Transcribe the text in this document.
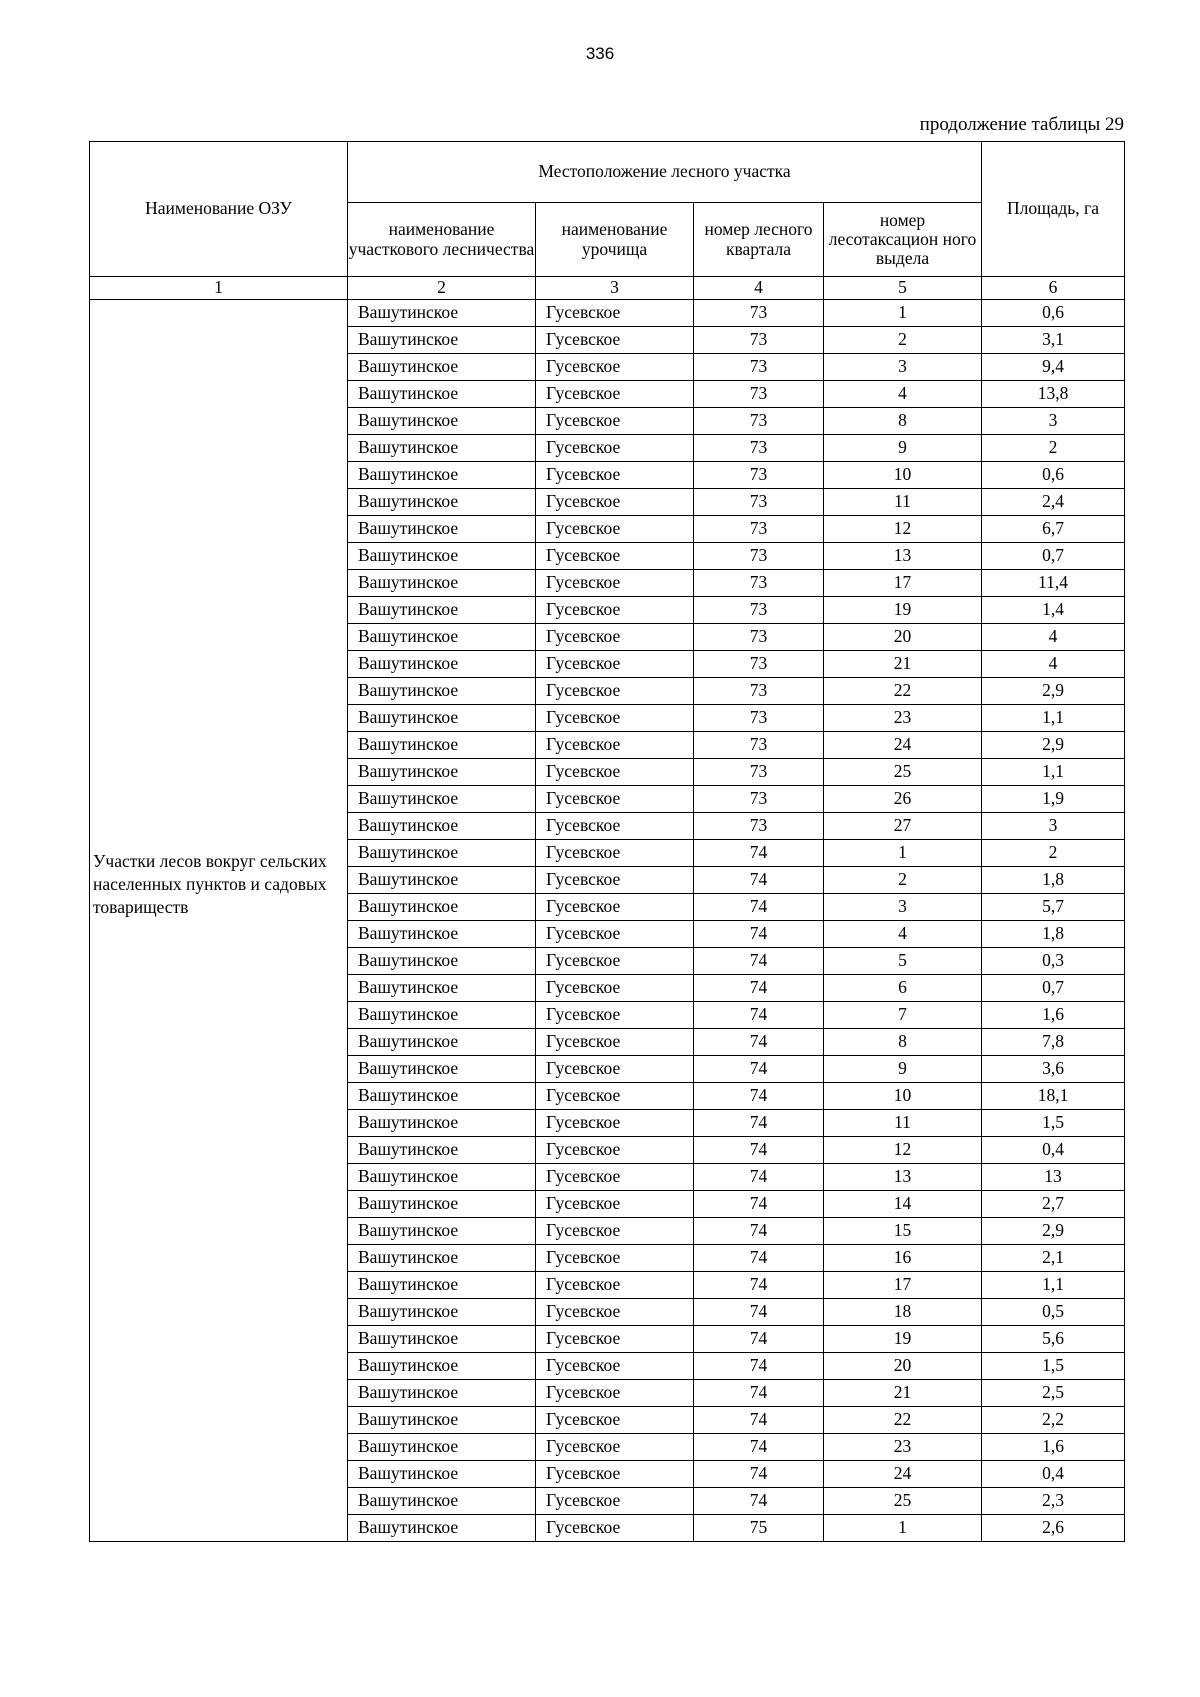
336
продолжение таблицы 29
Наименование ОЗУ	Местоположение лесного участка				Площадь, га
	наименование участкового лесничества	наименование урочища	номер лесного квартала	номер лесотаксацион ного выдела	
1	2	3	4	5	6

Участки лесов вокруг сельских населенных пунктов и садовых товариществ	Вашутинское	Гусевское	73	1	0,6
	Вашутинское	Гусевское	73	2	3,1
	Вашутинское	Гусевское	73	3	9,4
	Вашутинское	Гусевское	73	4	13,8
	Вашутинское	Гусевское	73	8	3
	Вашутинское	Гусевское	73	9	2
	Вашутинское	Гусевское	73	10	0,6
	Вашутинское	Гусевское	73	11	2,4
	Вашутинское	Гусевское	73	12	6,7
	Вашутинское	Гусевское	73	13	0,7
	Вашутинское	Гусевское	73	17	11,4
	Вашутинское	Гусевское	73	19	1,4
	Вашутинское	Гусевское	73	20	4
	Вашутинское	Гусевское	73	21	4
	Вашутинское	Гусевское	73	22	2,9
	Вашутинское	Гусевское	73	23	1,1
	Вашутинское	Гусевское	73	24	2,9
	Вашутинское	Гусевское	73	25	1,1
	Вашутинское	Гусевское	73	26	1,9
	Вашутинское	Гусевское	73	27	3
	Вашутинское	Гусевское	74	1	2
	Вашутинское	Гусевское	74	2	1,8
	Вашутинское	Гусевское	74	3	5,7
	Вашутинское	Гусевское	74	4	1,8
	Вашутинское	Гусевское	74	5	0,3
	Вашутинское	Гусевское	74	6	0,7
	Вашутинское	Гусевское	74	7	1,6
	Вашутинское	Гусевское	74	8	7,8
	Вашутинское	Гусевское	74	9	3,6
	Вашутинское	Гусевское	74	10	18,1
	Вашутинское	Гусевское	74	11	1,5
	Вашутинское	Гусевское	74	12	0,4
	Вашутинское	Гусевское	74	13	13
	Вашутинское	Гусевское	74	14	2,7
	Вашутинское	Гусевское	74	15	2,9
	Вашутинское	Гусевское	74	16	2,1
	Вашутинское	Гусевское	74	17	1,1
	Вашутинское	Гусевское	74	18	0,5
	Вашутинское	Гусевское	74	19	5,6
	Вашутинское	Гусевское	74	20	1,5
	Вашутинское	Гусевское	74	21	2,5
	Вашутинское	Гусевское	74	22	2,2
	Вашутинское	Гусевское	74	23	1,6
	Вашутинское	Гусевское	74	24	0,4
	Вашутинское	Гусевское	74	25	2,3
	Вашутинское	Гусевское	75	1	2,6
